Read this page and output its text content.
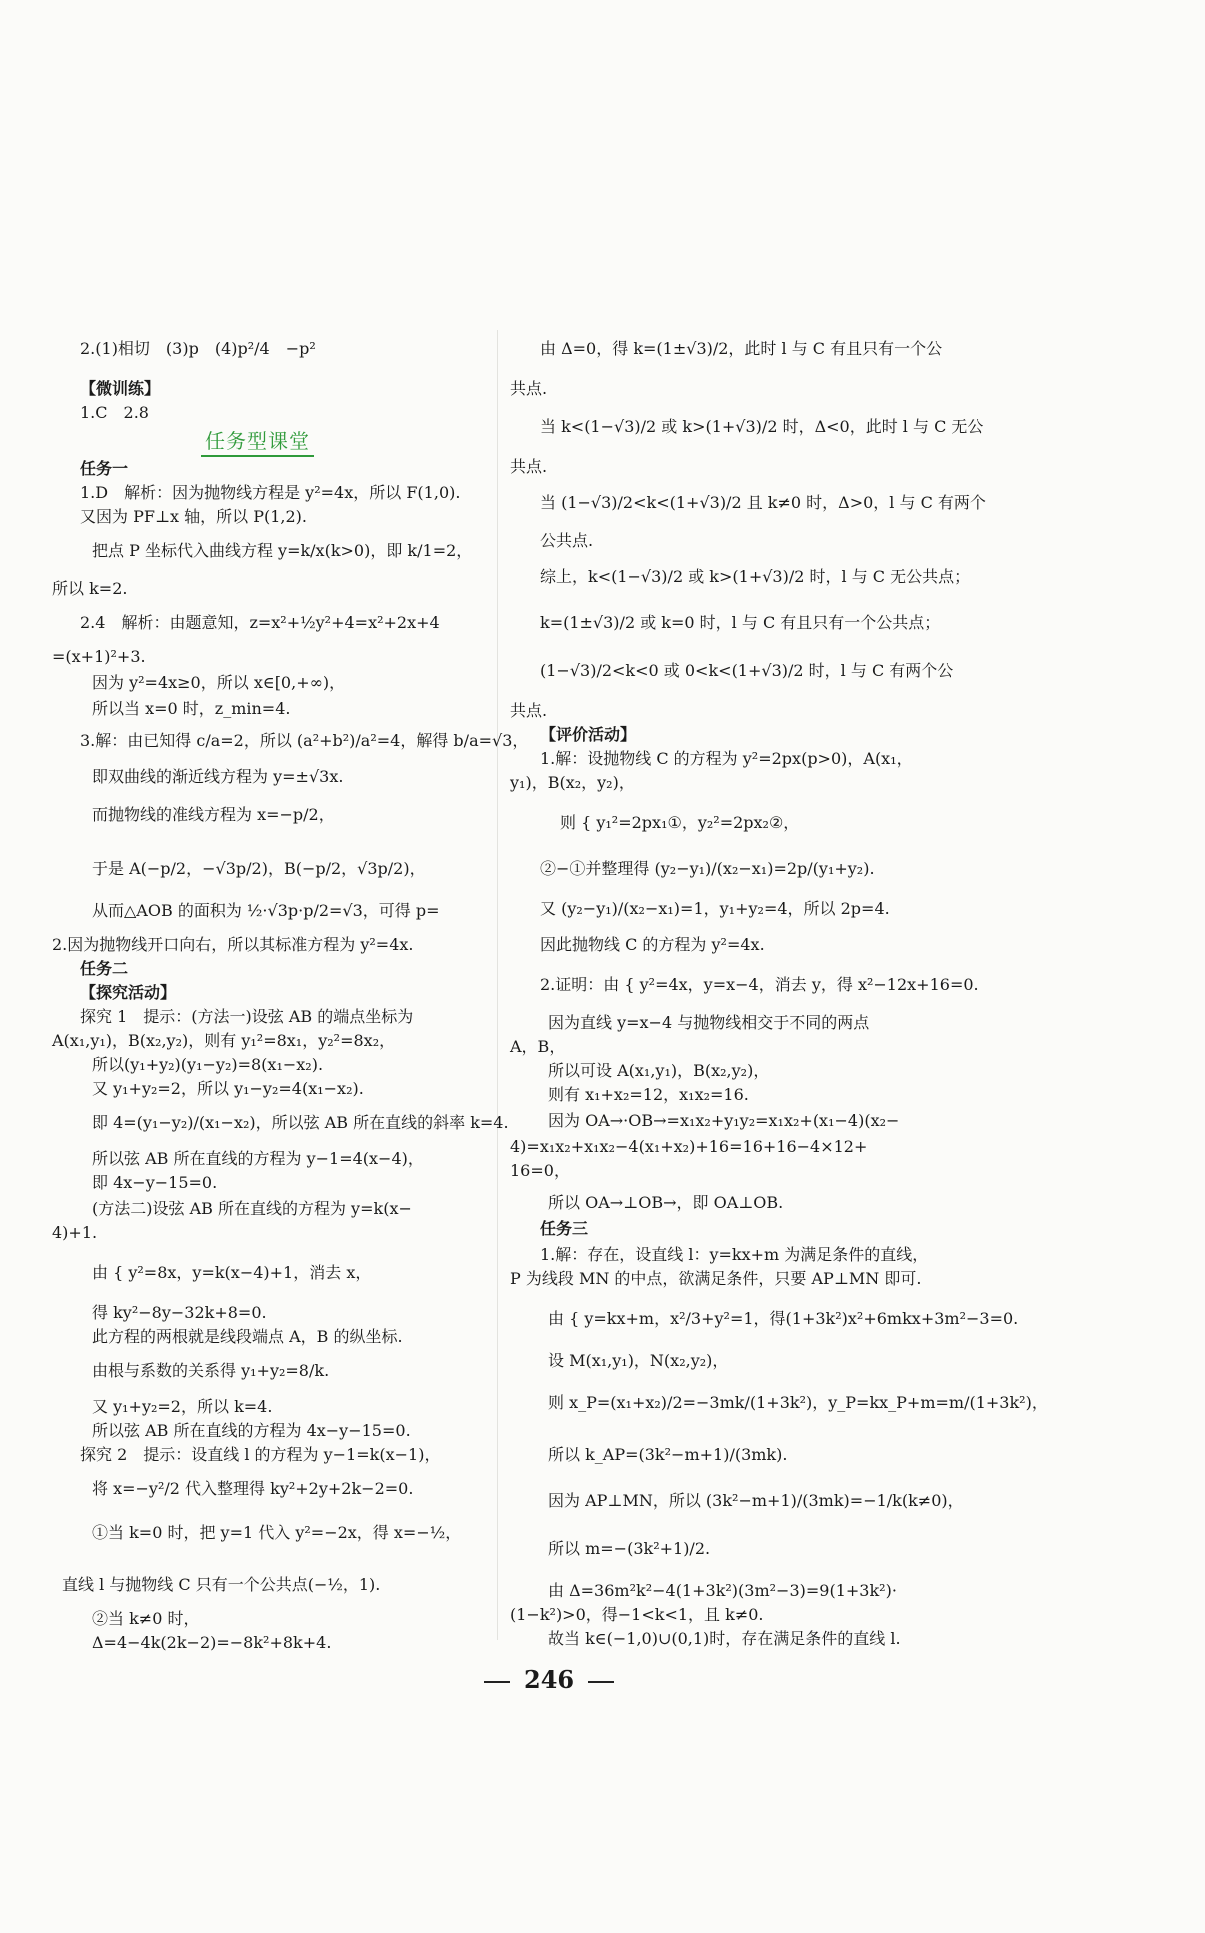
任务型课堂
2.(1)相切　(3)p　(4)p²/4　−p²
【微训练】
1.C　2.8
任务一
1.D　解析：因为抛物线方程是 y²=4x，所以 F(1,0).
又因为 PF⊥x 轴，所以 P(1,2).
把点 P 坐标代入曲线方程 y=k/x(k>0)，即 k/1=2，
所以 k=2.
2.4　解析：由题意知，z=x²+½y²+4=x²+2x+4
=(x+1)²+3.
因为 y²=4x≥0，所以 x∈[0,+∞)，
所以当 x=0 时，z_min=4.
3.解：由已知得 c/a=2，所以 (a²+b²)/a²=4，解得 b/a=√3，
即双曲线的渐近线方程为 y=±√3x.
而抛物线的准线方程为 x=−p/2，
于是 A(−p/2，−√3p/2)，B(−p/2，√3p/2)，
从而△AOB 的面积为 ½·√3p·p/2=√3，可得 p=
2.因为抛物线开口向右，所以其标准方程为 y²=4x.
任务二
【探究活动】
探究 1　提示：(方法一)设弦 AB 的端点坐标为
A(x₁,y₁)，B(x₂,y₂)，则有 y₁²=8x₁，y₂²=8x₂，
所以(y₁+y₂)(y₁−y₂)=8(x₁−x₂).
又 y₁+y₂=2，所以 y₁−y₂=4(x₁−x₂).
即 4=(y₁−y₂)/(x₁−x₂)，所以弦 AB 所在直线的斜率 k=4.
所以弦 AB 所在直线的方程为 y−1=4(x−4)，
即 4x−y−15=0.
(方法二)设弦 AB 所在直线的方程为 y=k(x−
4)+1.
由 { y²=8x，y=k(x−4)+1，消去 x，
得 ky²−8y−32k+8=0.
此方程的两根就是线段端点 A，B 的纵坐标.
由根与系数的关系得 y₁+y₂=8/k.
又 y₁+y₂=2，所以 k=4.
所以弦 AB 所在直线的方程为 4x−y−15=0.
探究 2　提示：设直线 l 的方程为 y−1=k(x−1)，
将 x=−y²/2 代入整理得 ky²+2y+2k−2=0.
①当 k=0 时，把 y=1 代入 y²=−2x，得 x=−½，
直线 l 与抛物线 C 只有一个公共点(−½，1).
②当 k≠0 时，
Δ=4−4k(2k−2)=−8k²+8k+4.
由 Δ=0，得 k=(1±√3)/2，此时 l 与 C 有且只有一个公
共点.
当 k<(1−√3)/2 或 k>(1+√3)/2 时，Δ<0，此时 l 与 C 无公
共点.
当 (1−√3)/2<k<(1+√3)/2 且 k≠0 时，Δ>0，l 与 C 有两个
公共点.
综上，k<(1−√3)/2 或 k>(1+√3)/2 时，l 与 C 无公共点；
k=(1±√3)/2 或 k=0 时，l 与 C 有且只有一个公共点；
(1−√3)/2<k<0 或 0<k<(1+√3)/2 时，l 与 C 有两个公
共点.
【评价活动】
1.解：设抛物线 C 的方程为 y²=2px(p>0)，A(x₁，
y₁)，B(x₂，y₂)，
则 { y₁²=2px₁①，y₂²=2px₂②，
②−①并整理得 (y₂−y₁)/(x₂−x₁)=2p/(y₁+y₂).
又 (y₂−y₁)/(x₂−x₁)=1，y₁+y₂=4，所以 2p=4.
因此抛物线 C 的方程为 y²=4x.
2.证明：由 { y²=4x，y=x−4，消去 y，得 x²−12x+16=0.
因为直线 y=x−4 与抛物线相交于不同的两点
A，B，
所以可设 A(x₁,y₁)，B(x₂,y₂)，
则有 x₁+x₂=12，x₁x₂=16.
因为 OA→·OB→=x₁x₂+y₁y₂=x₁x₂+(x₁−4)(x₂−
4)=x₁x₂+x₁x₂−4(x₁+x₂)+16=16+16−4×12+
16=0，
所以 OA→⊥OB→，即 OA⊥OB.
任务三
1.解：存在，设直线 l：y=kx+m 为满足条件的直线，
P 为线段 MN 的中点，欲满足条件，只要 AP⊥MN 即可.
由 { y=kx+m，x²/3+y²=1，得(1+3k²)x²+6mkx+3m²−3=0.
设 M(x₁,y₁)，N(x₂,y₂)，
则 x_P=(x₁+x₂)/2=−3mk/(1+3k²)，y_P=kx_P+m=m/(1+3k²)，
所以 k_AP=(3k²−m+1)/(3mk).
因为 AP⊥MN，所以 (3k²−m+1)/(3mk)=−1/k(k≠0)，
所以 m=−(3k²+1)/2.
由 Δ=36m²k²−4(1+3k²)(3m²−3)=9(1+3k²)·
(1−k²)>0，得−1<k<1，且 k≠0.
故当 k∈(−1,0)∪(0,1)时，存在满足条件的直线 l.
246
